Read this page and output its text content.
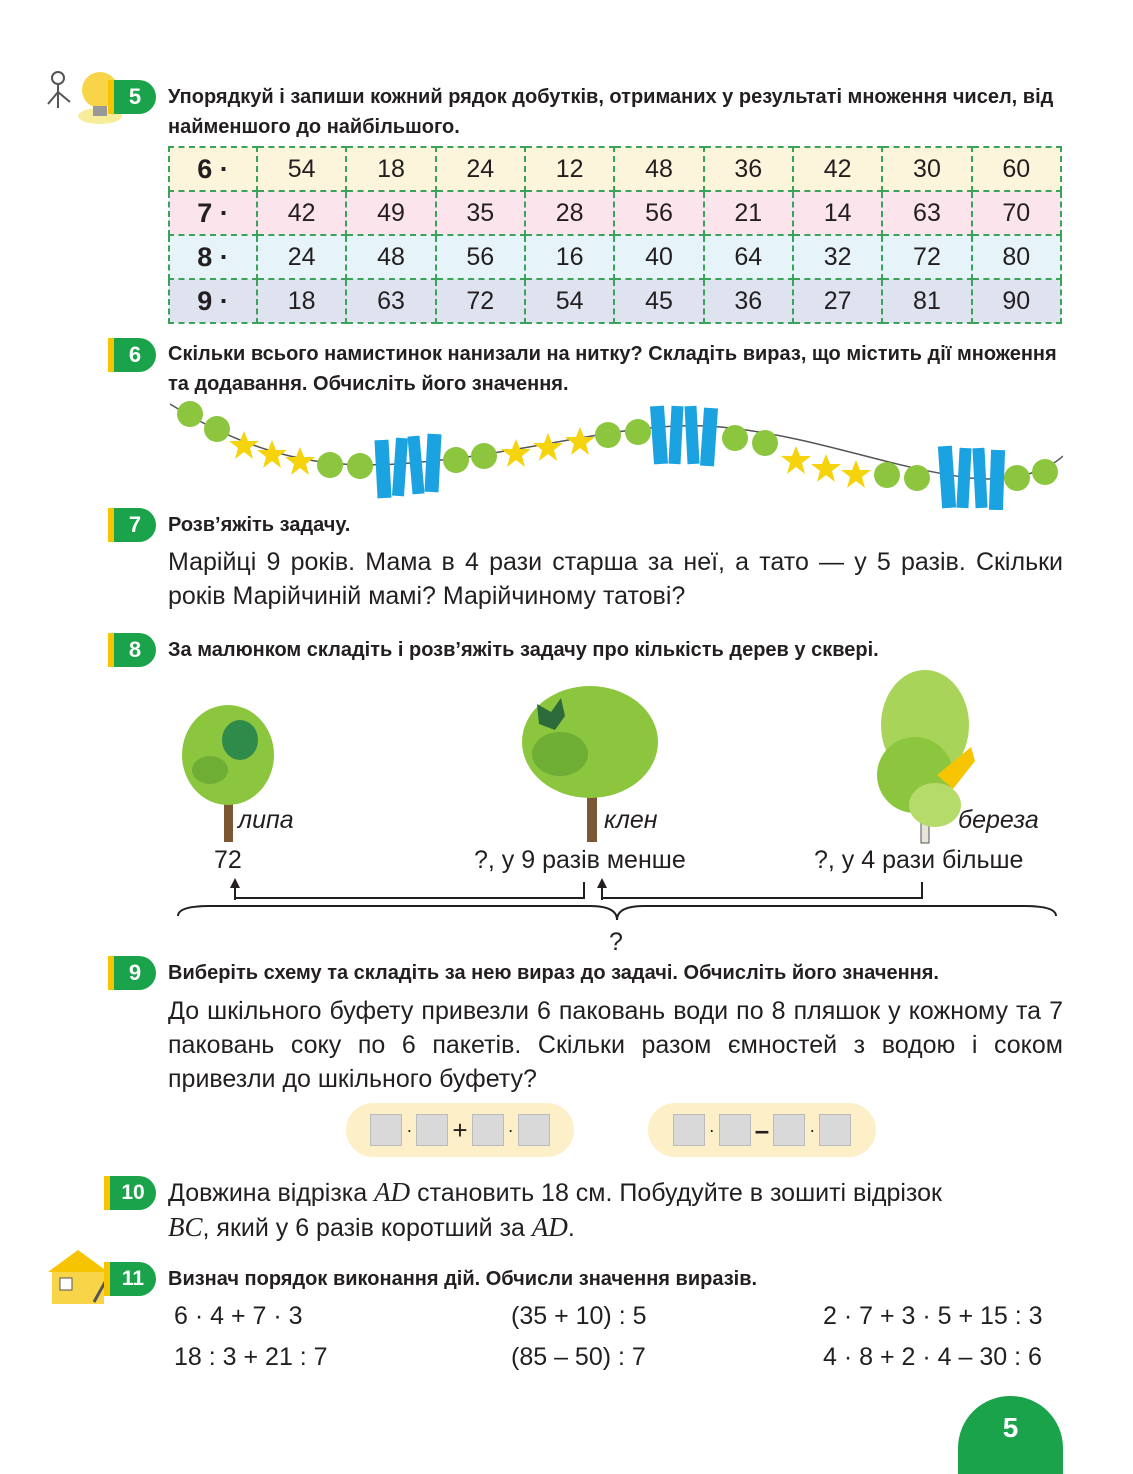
5	Упорядкуй і запиши кожний рядок добутків, отриманих у результаті множення чисел, від найменшого до найбільшого.
6 ·	54	18	24	12	48	36	42	30	60
7 ·	42	49	35	28	56	21	14	63	70
8 ·	24	48	56	16	40	64	32	72	80
9 ·	18	63	72	54	45	36	27	81	90
6	Скільки всього намистинок нанизали на нитку? Складіть вираз, що містить дії множення та додавання. Обчисліть його значення.
7	Розв’яжіть задачу.
Марійці 9 років. Мама в 4 рази старша за неї, а тато — у 5 разів. Скільки років Марійчиній мамі? Марійчиному татові?
8	За малюнком складіть і розв’яжіть задачу про кількість дерев у сквері.
липа	клен	береза
72	?, у 9 разів менше	?, у 4 рази більше
?
9	Виберіть схему та складіть за нею вираз до задачі. Обчисліть його значення.
До шкільного буфету привезли 6 паковань води по 8 пляшок у кожному та 7 паковань соку по 6 пакетів. Скільки разом ємностей з водою і соком привезли до шкільного буфету?
· + ·	· – ·
10 Довжина відрізка AD становить 18 см. Побудуйте в зошиті відрізок
BC, який у 6 разів коротший за AD.
11	Визнач порядок виконання дій. Обчисли значення виразів.
6 · 4 + 7 · 3	(35 + 10) : 5	2 · 7 + 3 · 5 + 15 : 3
18 : 3 + 21 : 7	(85 – 50) : 7	4 · 8 + 2 · 4 – 30 : 6
5
